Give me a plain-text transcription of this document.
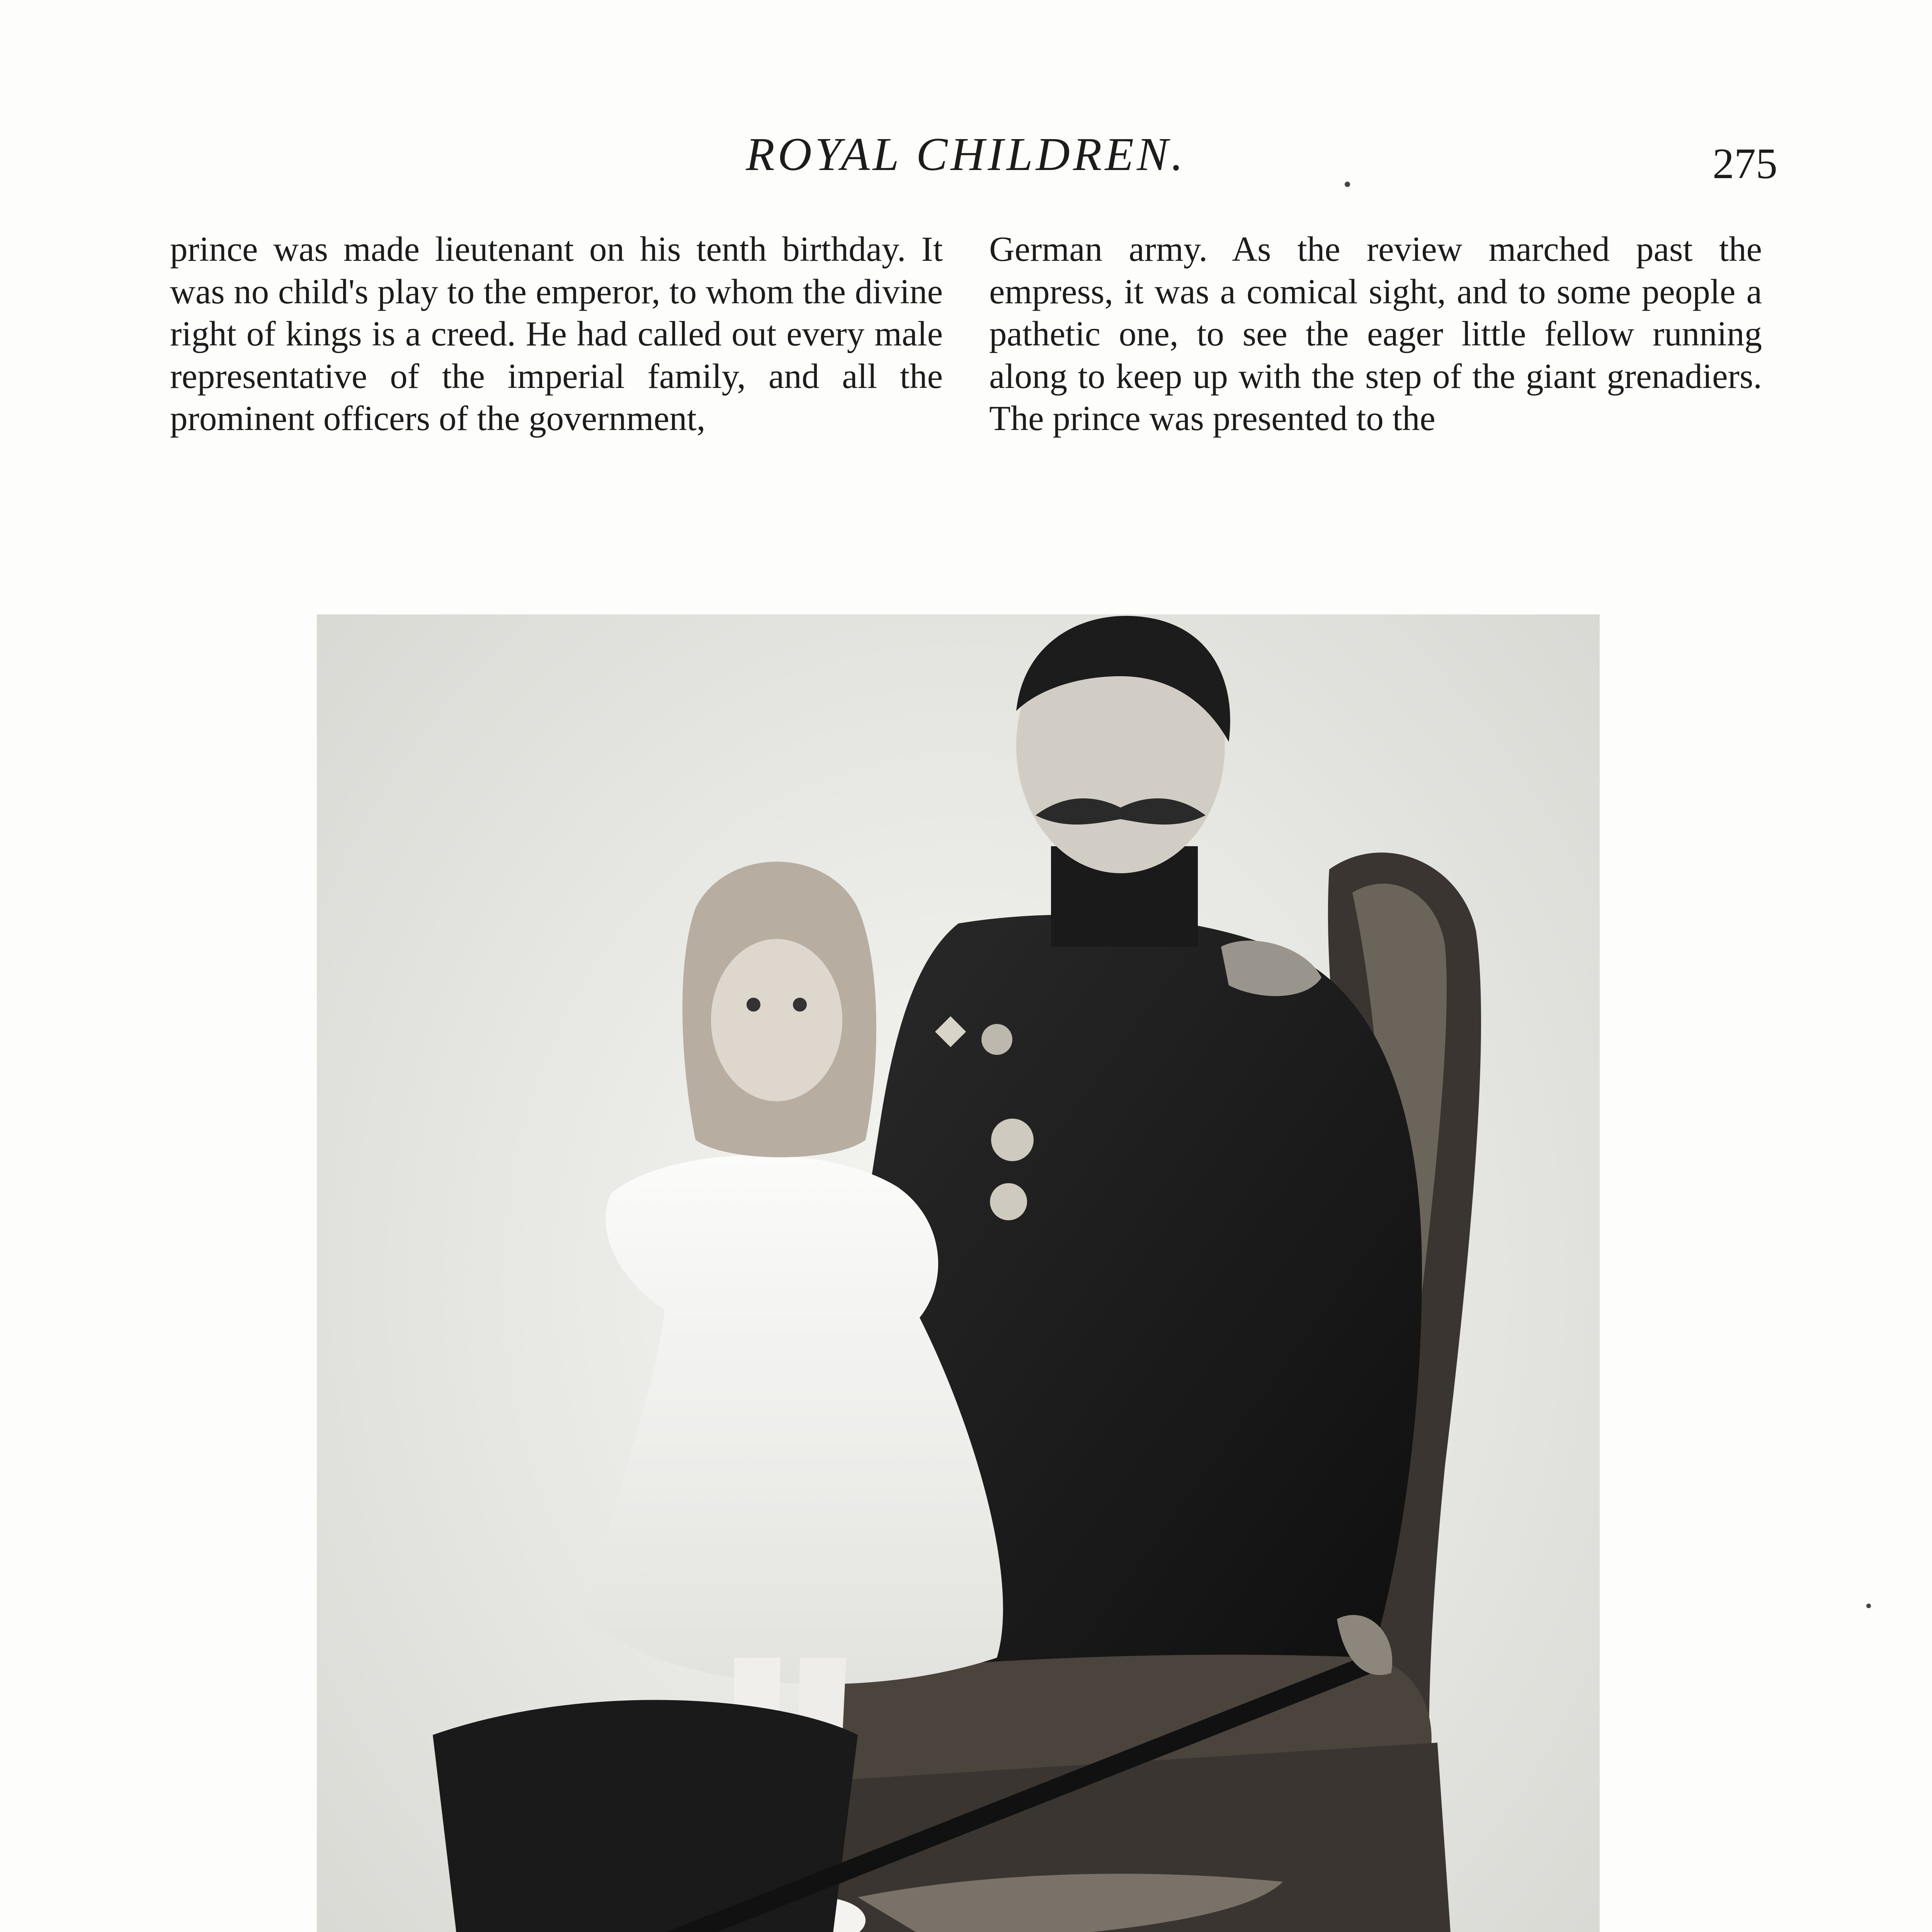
ROYAL CHILDREN.	275

prince was made lieutenant on his tenth birthday. It was no child's play to the emperor, to whom the divine right of kings is a creed. He had called out every male representative of the imperial family, and all the prominent officers of the government,

German army. As the review marched past the empress, it was a comical sight, and to some people a pathetic one, to see the eager little fellow running along to keep up with the step of the giant grenadiers. The prince was presented to the
